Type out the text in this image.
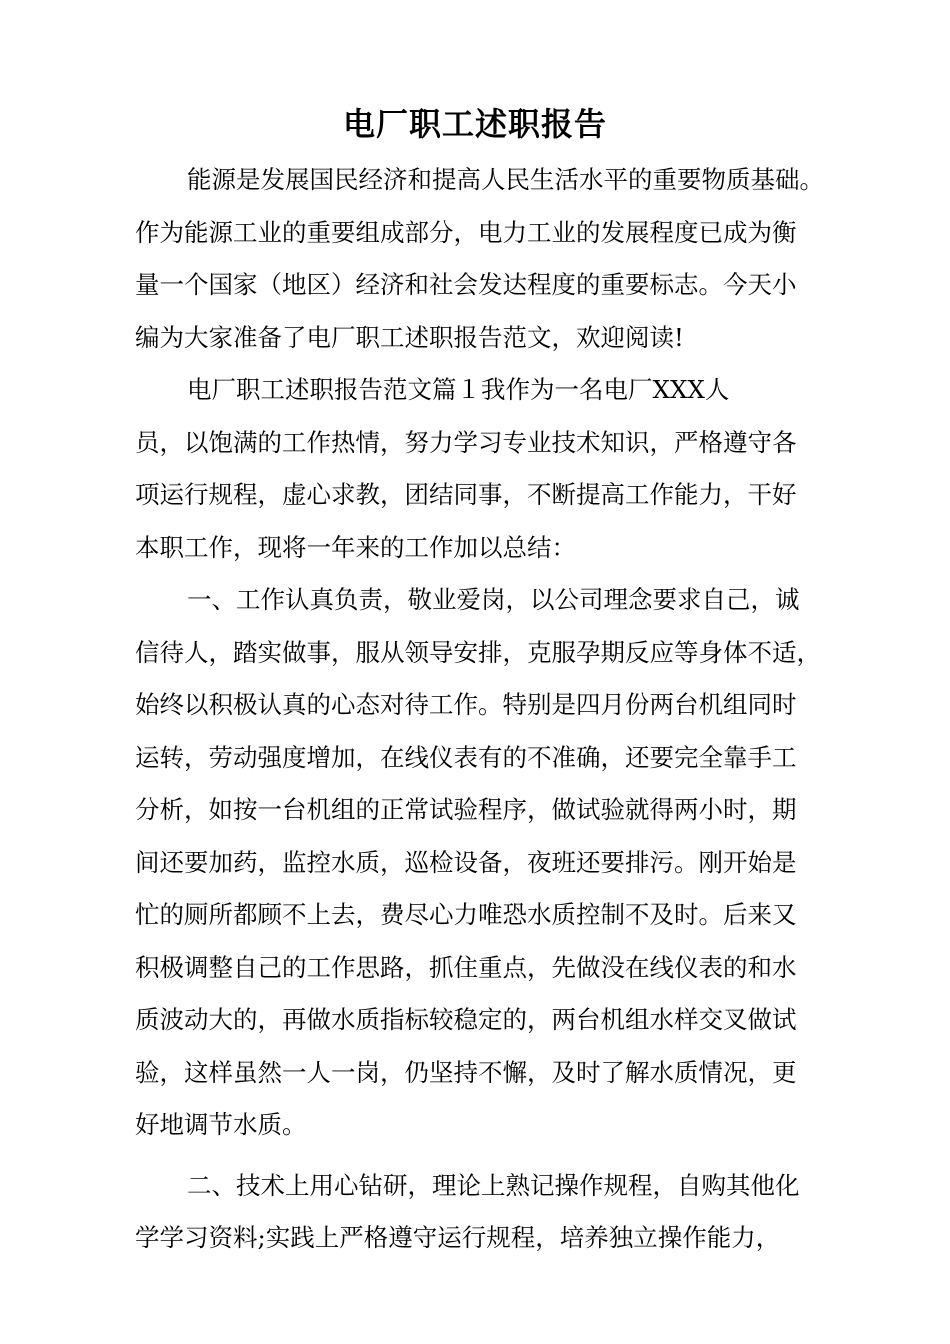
电厂职工述职报告
能源是发展国民经济和提高人民生活水平的重要物质基础。
作为能源工业的重要组成部分，电力工业的发展程度已成为衡
量一个国家（地区）经济和社会发达程度的重要标志。今天小
编为大家准备了电厂职工述职报告范文，欢迎阅读!
电厂职工述职报告范文篇１我作为一名电厂XXX人
员，以饱满的工作热情，努力学习专业技术知识，严格遵守各
项运行规程，虚心求教，团结同事，不断提高工作能力，干好
本职工作，现将一年来的工作加以总结：
一、工作认真负责，敬业爱岗，以公司理念要求自己，诚
信待人，踏实做事，服从领导安排，克服孕期反应等身体不适，
始终以积极认真的心态对待工作。特别是四月份两台机组同时
运转，劳动强度增加，在线仪表有的不准确，还要完全靠手工
分析，如按一台机组的正常试验程序，做试验就得两小时，期
间还要加药，监控水质，巡检设备，夜班还要排污。刚开始是
忙的厕所都顾不上去，费尽心力唯恐水质控制不及时。后来又
积极调整自己的工作思路，抓住重点，先做没在线仪表的和水
质波动大的，再做水质指标较稳定的，两台机组水样交叉做试
验，这样虽然一人一岗，仍坚持不懈，及时了解水质情况，更
好地调节水质。
二、技术上用心钻研，理论上熟记操作规程，自购其他化
学学习资料;实践上严格遵守运行规程，培养独立操作能力，
